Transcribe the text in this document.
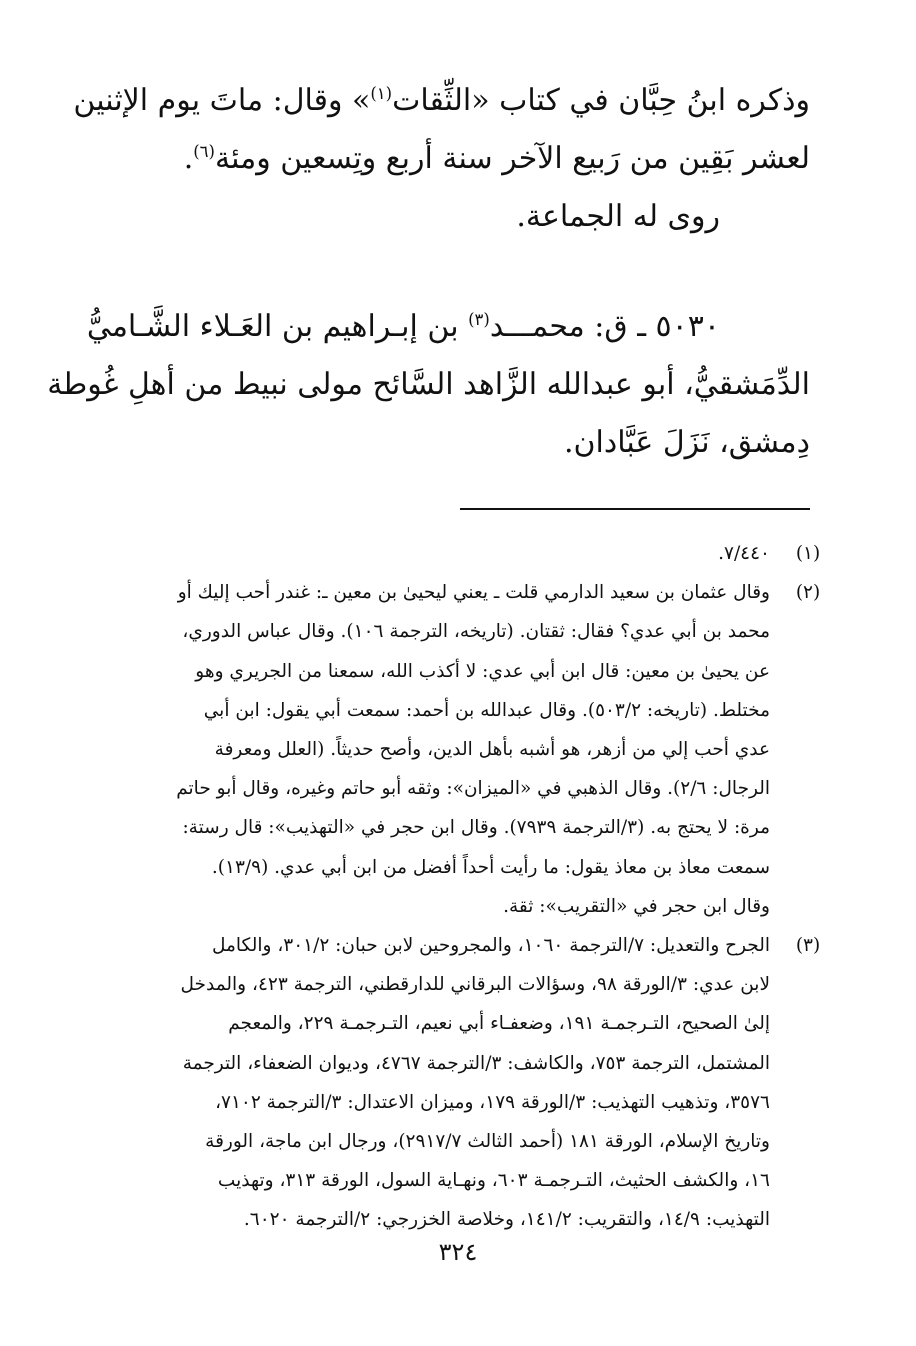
وذكره ابنُ حِبَّان في كتاب «الثِّقات$^{(١)}$» وقال: ماتَ يوم الإثنين
لعشر بَقِين من رَبيع الآخر سنة أربع وتِسعين ومئة$^{(٦)}$.
روى له الجماعة.
٥٠٣٠ ـ ق: محمـــد$^{(٣)}$ بن إبـراهيم بن العَـلاء الشَّـاميُّ
الدِّمَشقيُّ، أبو عبدالله الزَّاهد السَّائح مولى نبيط من أهلِ غُوطة
دِمشق، نَزَلَ عَبَّادان.
(١)
٧/٤٤٠.
(٢)
وقال عثمان بن سعيد الدارمي قلت ـ يعني ليحيىٰ بن معين ـ: غندر أحب إليك أو
محمد بن أبي عدي؟ فقال: ثقتان. (تاريخه، الترجمة ١٠٦). وقال عباس الدوري،
عن يحيىٰ بن معين: قال ابن أبي عدي: لا أكذب الله، سمعنا من الجريري وهو
مختلط. (تاريخه: ٥٠٣/٢). وقال عبدالله بن أحمد: سمعت أبي يقول: ابن أبي
عدي أحب إلي من أزهر، هو أشبه بأهل الدين، وأصح حديثاً. (العلل ومعرفة
الرجال: ٢/٦). وقال الذهبي في «الميزان»: وثقه أبو حاتم وغيره، وقال أبو حاتم
مرة: لا يحتج به. (٣/الترجمة ٧٩٣٩). وقال ابن حجر في «التهذيب»: قال رستة:
سمعت معاذ بن معاذ يقول: ما رأيت أحداً أفضل من ابن أبي عدي. (١٣/٩).
وقال ابن حجر في «التقريب»: ثقة.
(٣)
الجرح والتعديل: ٧/الترجمة ١٠٦٠، والمجروحين لابن حبان: ٣٠١/٢، والكامل
لابن عدي: ٣/الورقة ٩٨، وسؤالات البرقاني للدارقطني، الترجمة ٤٢٣، والمدخل
إلىٰ الصحيح، التـرجمـة ١٩١، وضعفـاء أبي نعيم، التـرجمـة ٢٢٩، والمعجم
المشتمل، الترجمة ٧٥٣، والكاشف: ٣/الترجمة ٤٧٦٧، وديوان الضعفاء، الترجمة
٣٥٧٦، وتذهيب التهذيب: ٣/الورقة ١٧٩، وميزان الاعتدال: ٣/الترجمة ٧١٠٢،
وتاريخ الإسلام، الورقة ١٨١ (أحمد الثالث ٢٩١٧/٧)، ورجال ابن ماجة، الورقة
١٦، والكشف الحثيث، التـرجمـة ٦٠٣، ونهـاية السول، الورقة ٣١٣، وتهذيب
التهذيب: ١٤/٩، والتقريب: ١٤١/٢، وخلاصة الخزرجي: ٢/الترجمة ٦٠٢٠.
٣٢٤
